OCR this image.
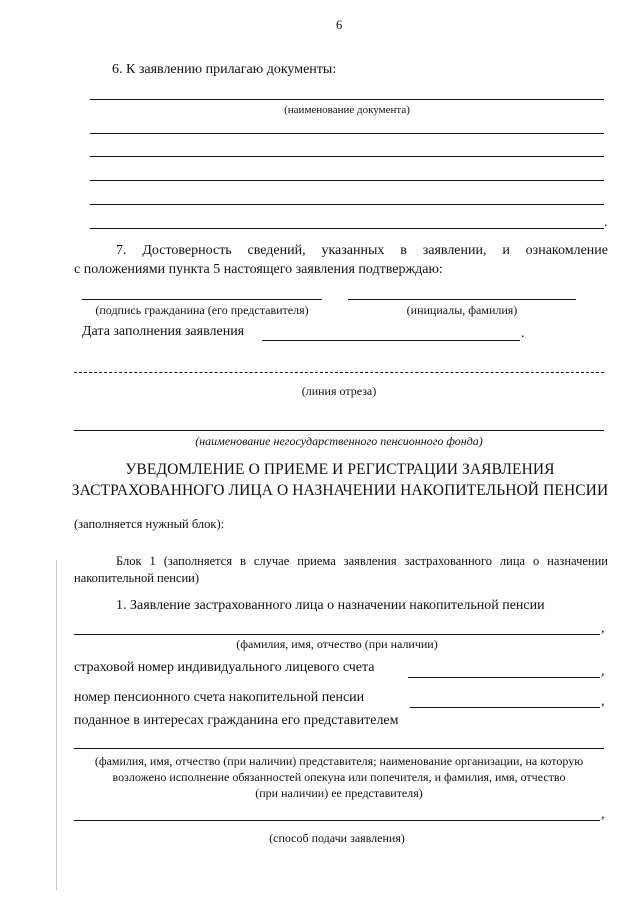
6
6. К заявлению прилагаю документы:
(наименование документа)
.
7. Достоверность сведений, указанных в заявлении, и ознакомление
с положениями пункта 5 настоящего заявления подтверждаю:
(подпись гражданина (его представителя)	(инициалы, фамилия)
Дата заполнения заявления	.
(линия отреза)
(наименование негосударственного пенсионного фонда)
УВЕДОМЛЕНИЕ О ПРИЕМЕ И РЕГИСТРАЦИИ ЗАЯВЛЕНИЯ
ЗАСТРАХОВАННОГО ЛИЦА О НАЗНАЧЕНИИ НАКОПИТЕЛЬНОЙ ПЕНСИИ
(заполняется нужный блок):
Блок 1 (заполняется в случае приема заявления застрахованного лица о назначении
накопительной пенсии)
1. Заявление застрахованного лица о назначении накопительной пенсии
,
(фамилия, имя, отчество (при наличии)
страховой номер индивидуального лицевого счета	,
номер пенсионного счета накопительной пенсии	,
поданное в интересах гражданина его представителем
(фамилия, имя, отчество (при наличии) представителя; наименование организации, на которую
возложено исполнение обязанностей опекуна или попечителя, и фамилия, имя, отчество
(при наличии) ее представителя)
,
(способ подачи заявления)
